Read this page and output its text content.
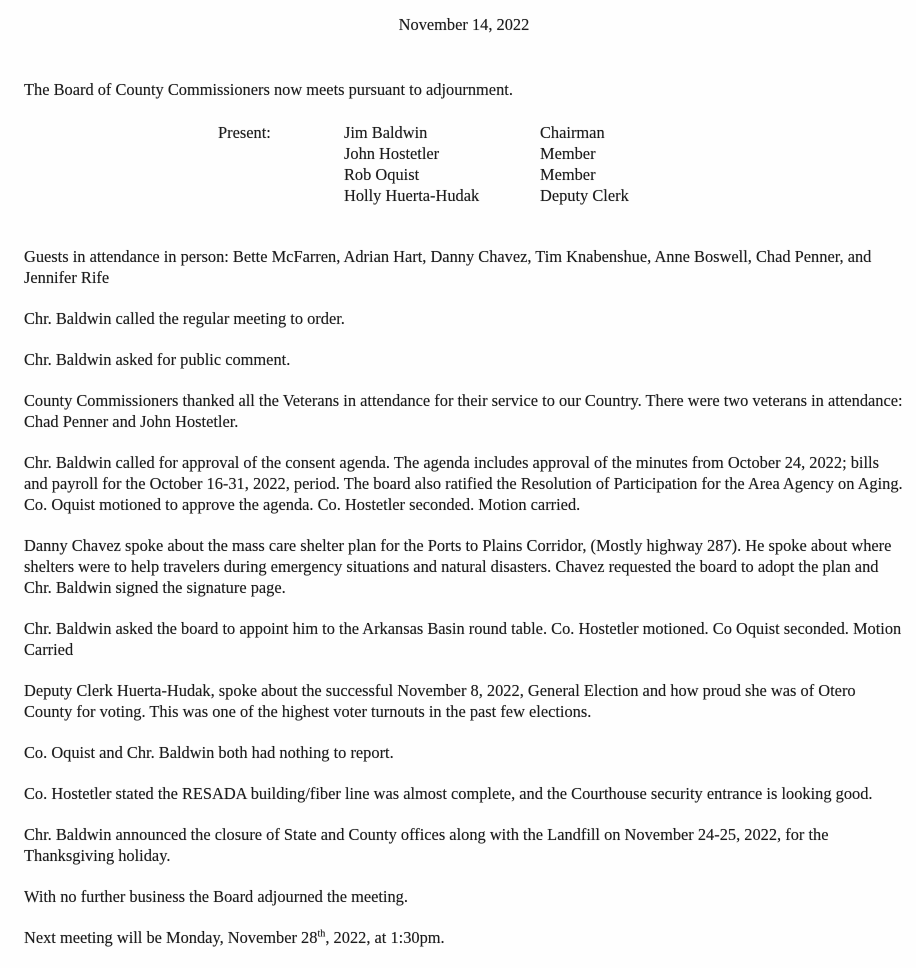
November 14, 2022

The Board of County Commissioners now meets pursuant to adjournment.

Present:	Jim Baldwin	Chairman
John Hostetler	Member
Rob Oquist	Member
Holly Huerta-Hudak	Deputy Clerk

Guests in attendance in person: Bette McFarren, Adrian Hart, Danny Chavez, Tim Knabenshue, Anne Boswell, Chad Penner, and Jennifer Rife

Chr. Baldwin called the regular meeting to order.

Chr. Baldwin asked for public comment.

County Commissioners thanked all the Veterans in attendance for their service to our Country. There were two veterans in attendance: Chad Penner and John Hostetler.

Chr. Baldwin called for approval of the consent agenda. The agenda includes approval of the minutes from October 24, 2022; bills and payroll for the October 16-31, 2022, period. The board also ratified the Resolution of Participation for the Area Agency on Aging. Co. Oquist motioned to approve the agenda. Co. Hostetler seconded. Motion carried.

Danny Chavez spoke about the mass care shelter plan for the Ports to Plains Corridor, (Mostly highway 287). He spoke about where shelters were to help travelers during emergency situations and natural disasters. Chavez requested the board to adopt the plan and Chr. Baldwin signed the signature page.

Chr. Baldwin asked the board to appoint him to the Arkansas Basin round table. Co. Hostetler motioned. Co Oquist seconded. Motion Carried

Deputy Clerk Huerta-Hudak, spoke about the successful November 8, 2022, General Election and how proud she was of Otero County for voting. This was one of the highest voter turnouts in the past few elections.

Co. Oquist and Chr. Baldwin both had nothing to report.

Co. Hostetler stated the RESADA building/fiber line was almost complete, and the Courthouse security entrance is looking good.

Chr. Baldwin announced the closure of State and County offices along with the Landfill on November 24-25, 2022, for the Thanksgiving holiday.

With no further business the Board adjourned the meeting.

Next meeting will be Monday, November 28th, 2022, at 1:30pm.
